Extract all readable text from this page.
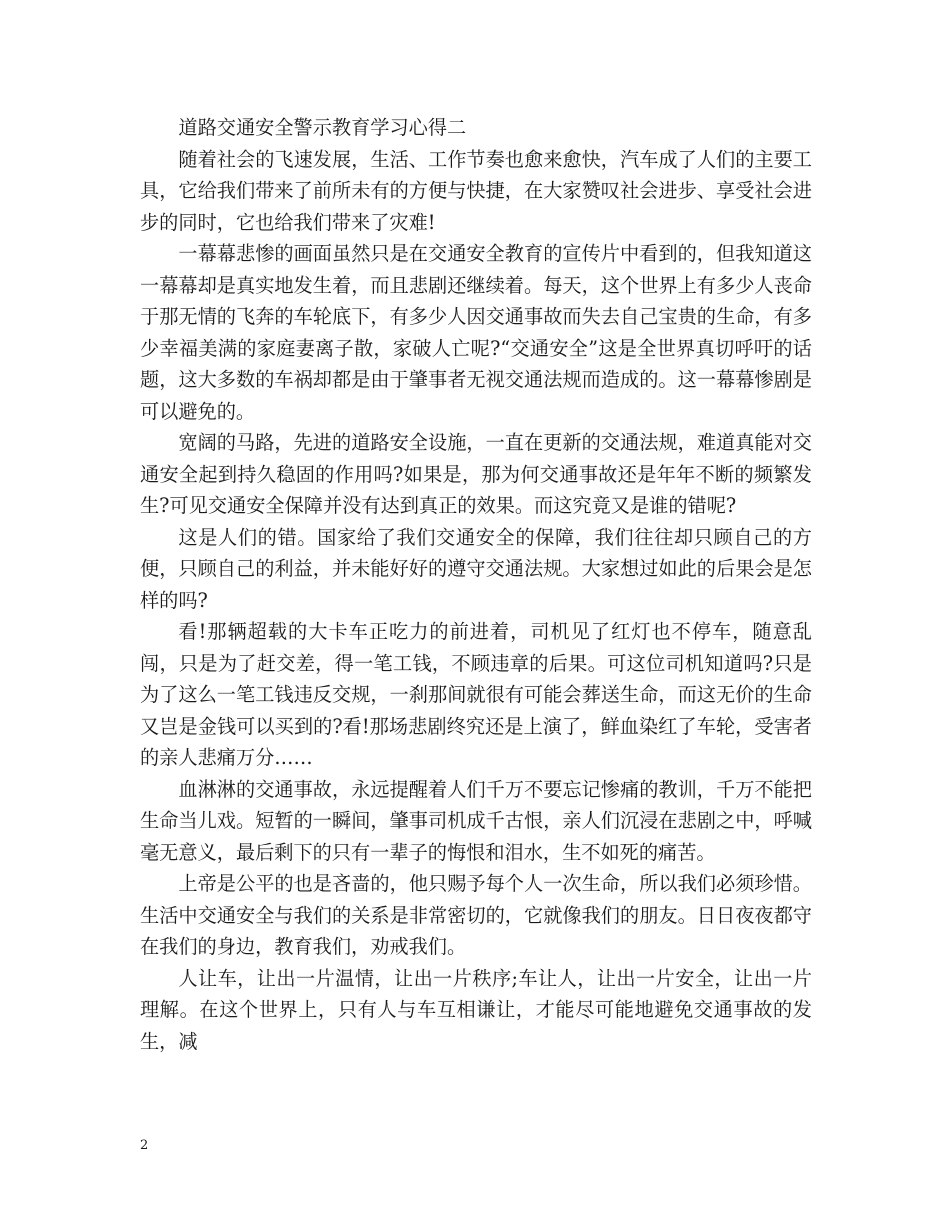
道路交通安全警示教育学习心得二

随着社会的飞速发展，生活、工作节奏也愈来愈快，汽车成了人们的主要工具，它给我们带来了前所未有的方便与快捷，在大家赞叹社会进步、享受社会进步的同时，它也给我们带来了灾难!

一幕幕悲惨的画面虽然只是在交通安全教育的宣传片中看到的，但我知道这一幕幕却是真实地发生着，而且悲剧还继续着。每天，这个世界上有多少人丧命于那无情的飞奔的车轮底下，有多少人因交通事故而失去自己宝贵的生命，有多少幸福美满的家庭妻离子散，家破人亡呢?“交通安全”这是全世界真切呼吁的话题，这大多数的车祸却都是由于肇事者无视交通法规而造成的。这一幕幕惨剧是可以避免的。

宽阔的马路，先进的道路安全设施，一直在更新的交通法规，难道真能对交通安全起到持久稳固的作用吗?如果是，那为何交通事故还是年年不断的频繁发生?可见交通安全保障并没有达到真正的效果。而这究竟又是谁的错呢?

这是人们的错。国家给了我们交通安全的保障，我们往往却只顾自己的方便，只顾自己的利益，并未能好好的遵守交通法规。大家想过如此的后果会是怎样的吗?

看!那辆超载的大卡车正吃力的前进着，司机见了红灯也不停车，随意乱闯，只是为了赶交差，得一笔工钱，不顾违章的后果。可这位司机知道吗?只是为了这么一笔工钱违反交规，一刹那间就很有可能会葬送生命，而这无价的生命又岂是金钱可以买到的?看!那场悲剧终究还是上演了，鲜血染红了车轮，受害者的亲人悲痛万分……

血淋淋的交通事故，永远提醒着人们千万不要忘记惨痛的教训，千万不能把生命当儿戏。短暂的一瞬间，肇事司机成千古恨，亲人们沉浸在悲剧之中，呼喊毫无意义，最后剩下的只有一辈子的悔恨和泪水，生不如死的痛苦。

上帝是公平的也是吝啬的，他只赐予每个人一次生命，所以我们必须珍惜。生活中交通安全与我们的关系是非常密切的，它就像我们的朋友。日日夜夜都守在我们的身边，教育我们，劝戒我们。

人让车，让出一片温情，让出一片秩序;车让人，让出一片安全，让出一片理解。在这个世界上，只有人与车互相谦让，才能尽可能地避免交通事故的发生，减

2
